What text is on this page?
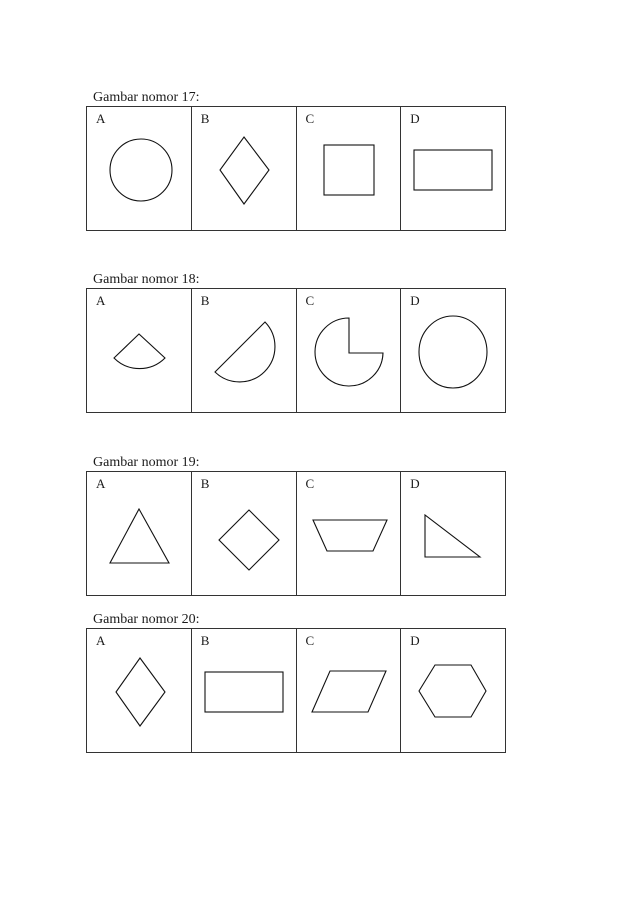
Gambar nomor 17:
A	B	C	D
Gambar nomor 18:
A	B	C	D
Gambar nomor 19:
A	B	C	D
Gambar nomor 20:
A	B	C	D
